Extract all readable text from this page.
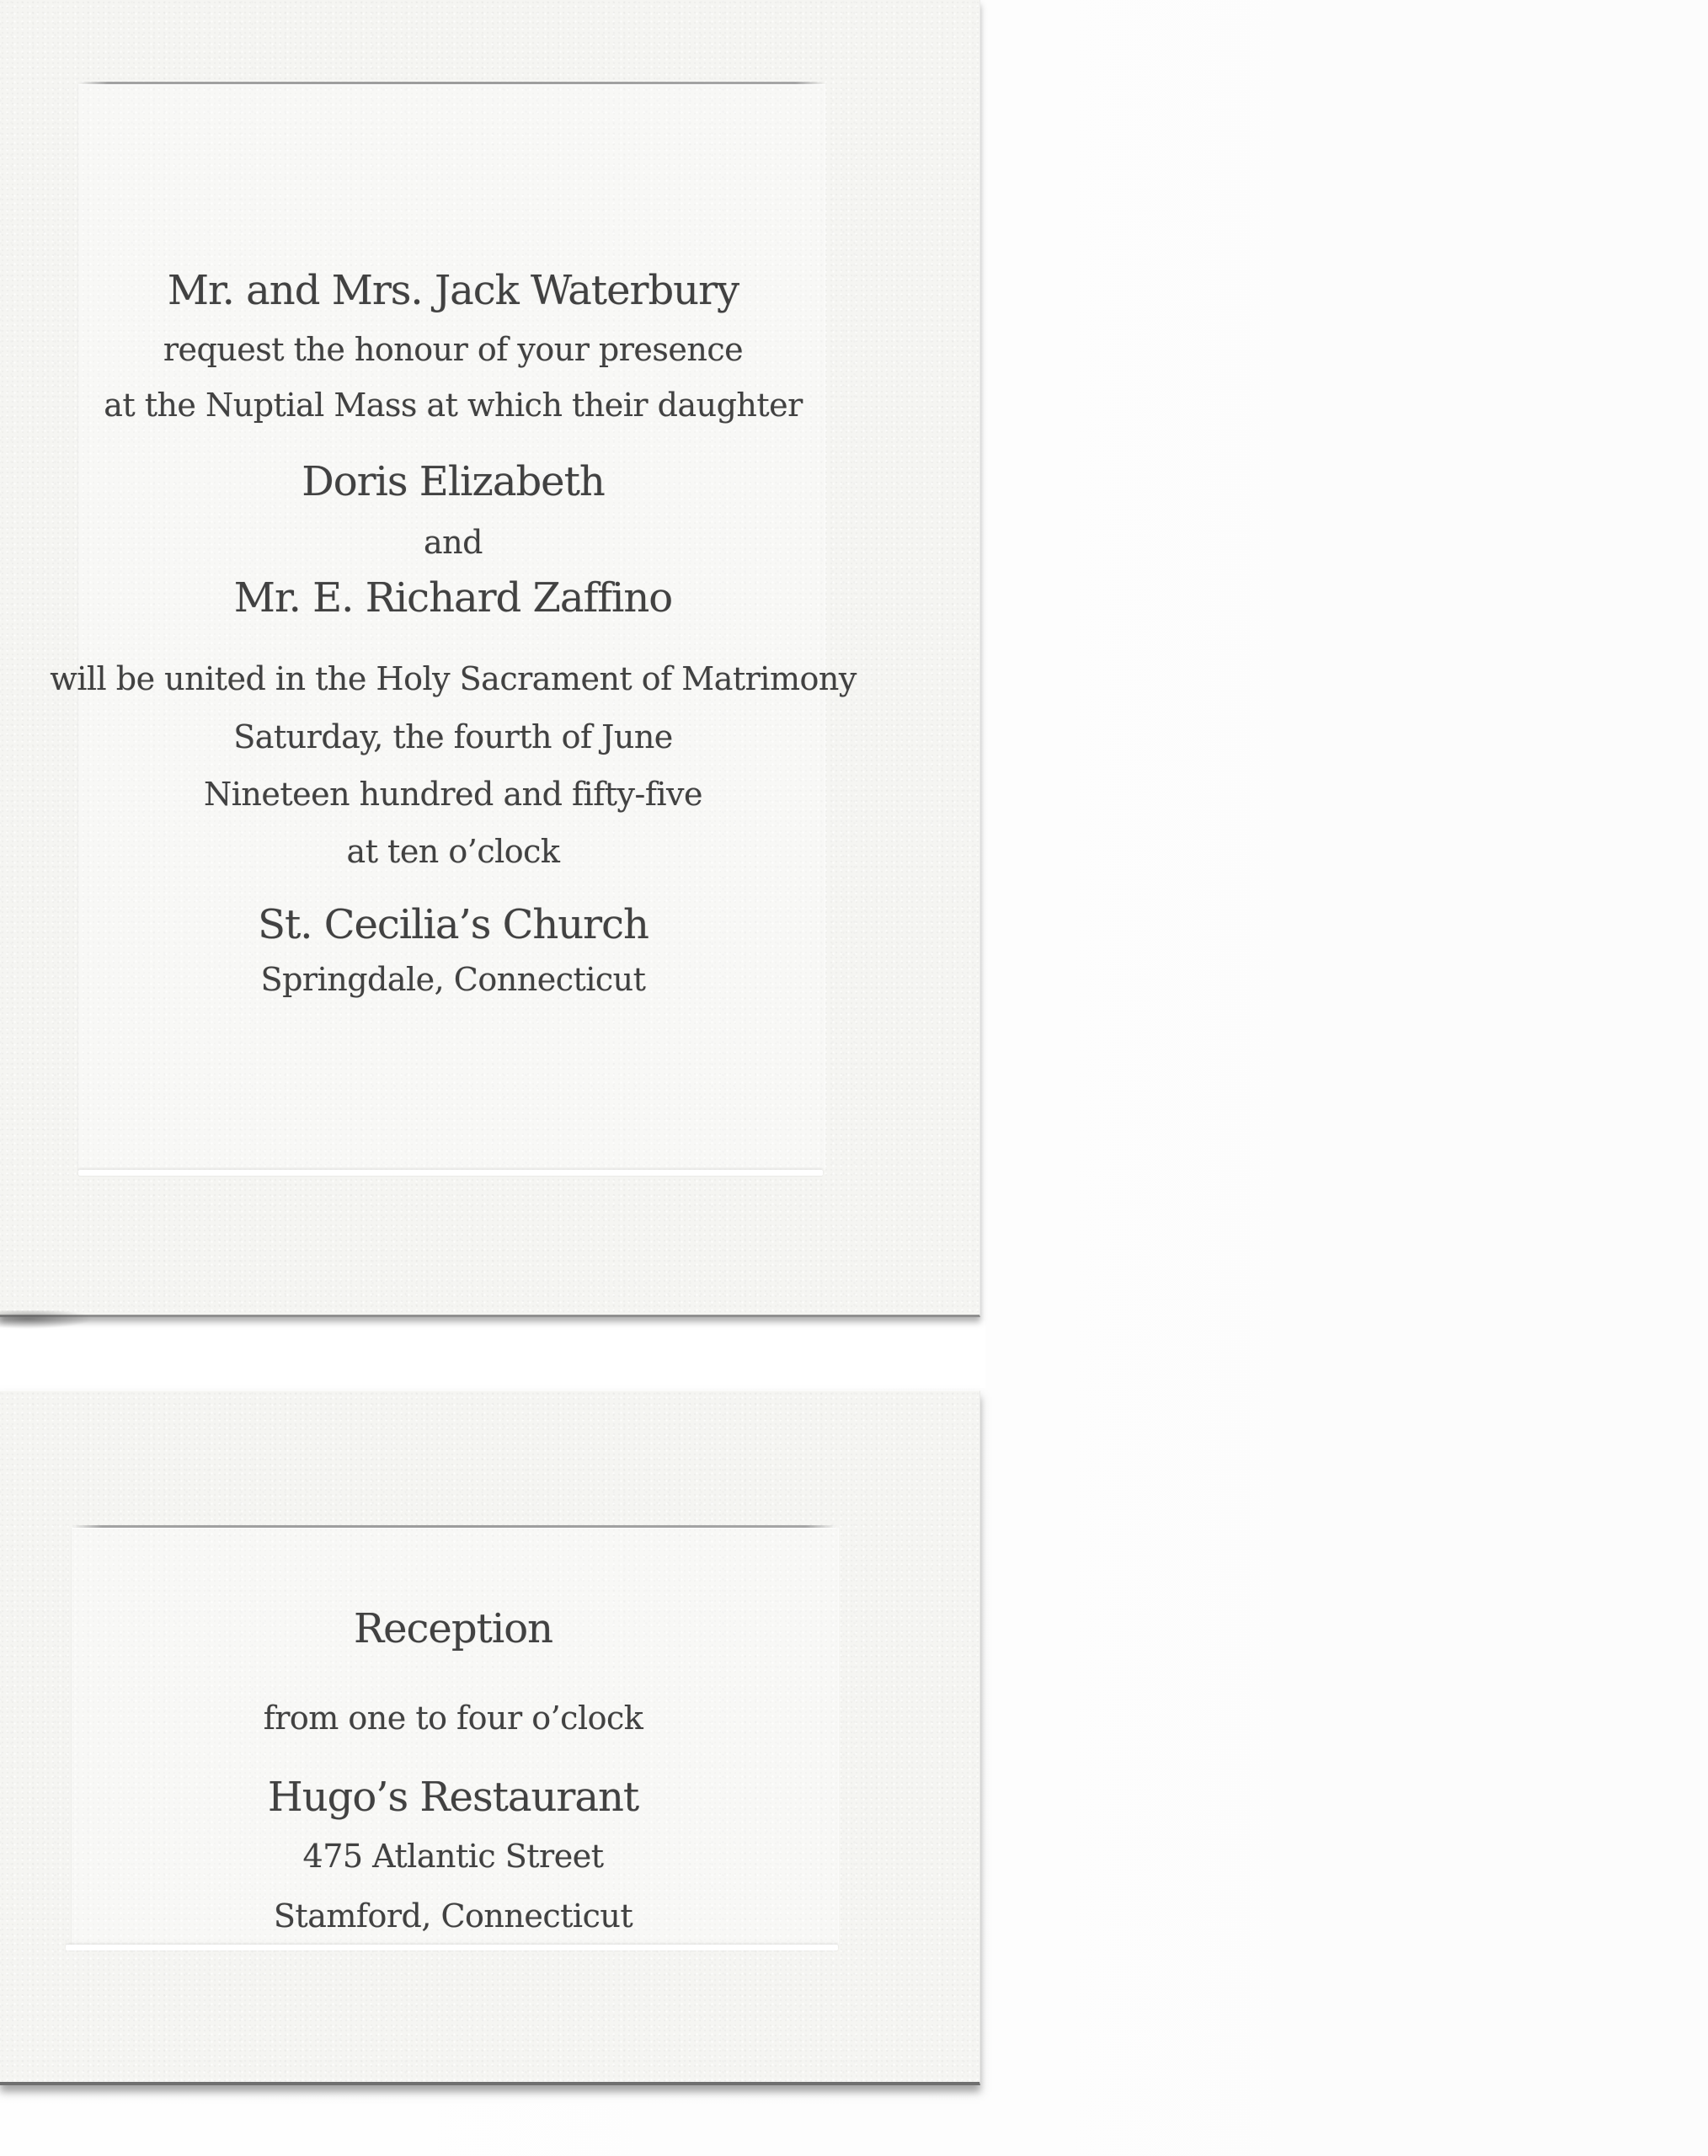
Mr. and Mrs. Jack Waterbury
request the honour of your presence
at the Nuptial Mass at which their daughter
Doris Elizabeth
and
Mr. E. Richard Zaffino
will be united in the Holy Sacrament of Matrimony
Saturday, the fourth of June
Nineteen hundred and fifty-five
at ten o’clock
St. Cecilia’s Church
Springdale, Connecticut
Reception
from one to four o’clock
Hugo’s Restaurant
475 Atlantic Street
Stamford, Connecticut
